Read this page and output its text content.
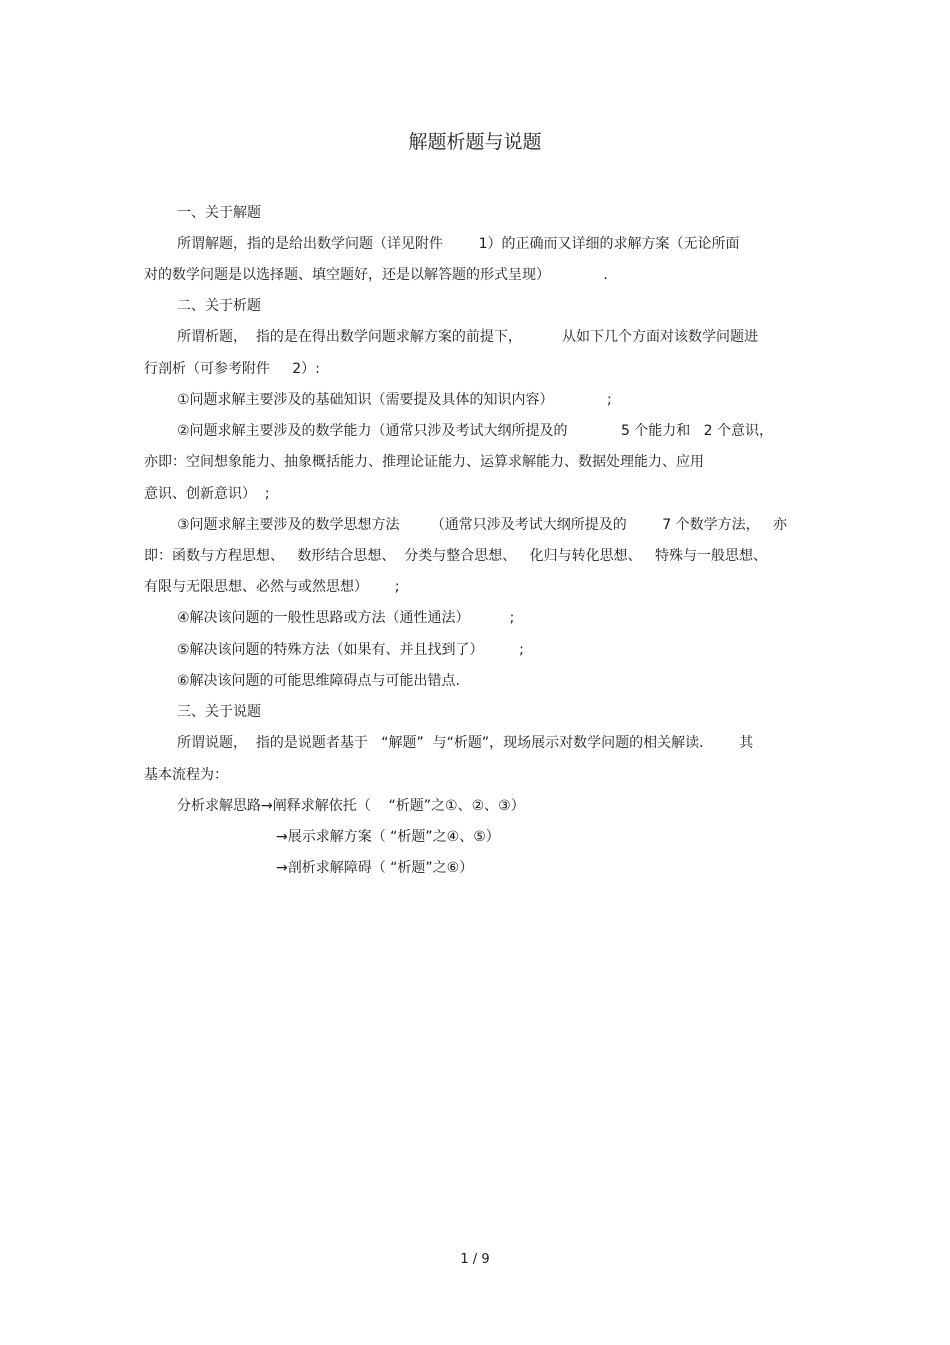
解题析题与说题
一、关于解题
所谓解题，指的是给出数学问题（详见附件        1）的正确而又详细的求解方案（无论所面
对的数学问题是以选择题、填空题好，还是以解答题的形式呈现）            .
二、关于析题
所谓析题，  指的是在得出数学问题求解方案的前提下，         从如下几个方面对该数学问题进
行剖析（可参考附件     2）:
①问题求解主要涉及的基础知识（需要提及具体的知识内容）            ;
②问题求解主要涉及的数学能力（通常只涉及考试大纲所提及的            5 个能力和   2 个意识，
亦即：空间想象能力、抽象概括能力、推理论证能力、运算求解能力、数据处理能力、应用
意识、创新意识）  ;
③问题求解主要涉及的数学思想方法       （通常只涉及考试大纲所提及的        7 个数学方法，   亦
即：函数与方程思想、   数形结合思想、  分类与整合思想、   化归与转化思想、   特殊与一般思想、
有限与无限思想、必然与或然思想）      ;
④解决该问题的一般性思路或方法（通性通法）         ;
⑤解决该问题的特殊方法（如果有、并且找到了）        ;
⑥解决该问题的可能思维障碍点与可能出错点.
三、关于说题
所谓说题，  指的是说题者基于   “解题”  与“析题”，现场展示对数学问题的相关解读.        其
基本流程为：
分析求解思路→阐释求解依托（    “析题”之①、②、③）
→展示求解方案（ “析题”之④、⑤）
→剖析求解障碍（ “析题”之⑥）
1 / 9
